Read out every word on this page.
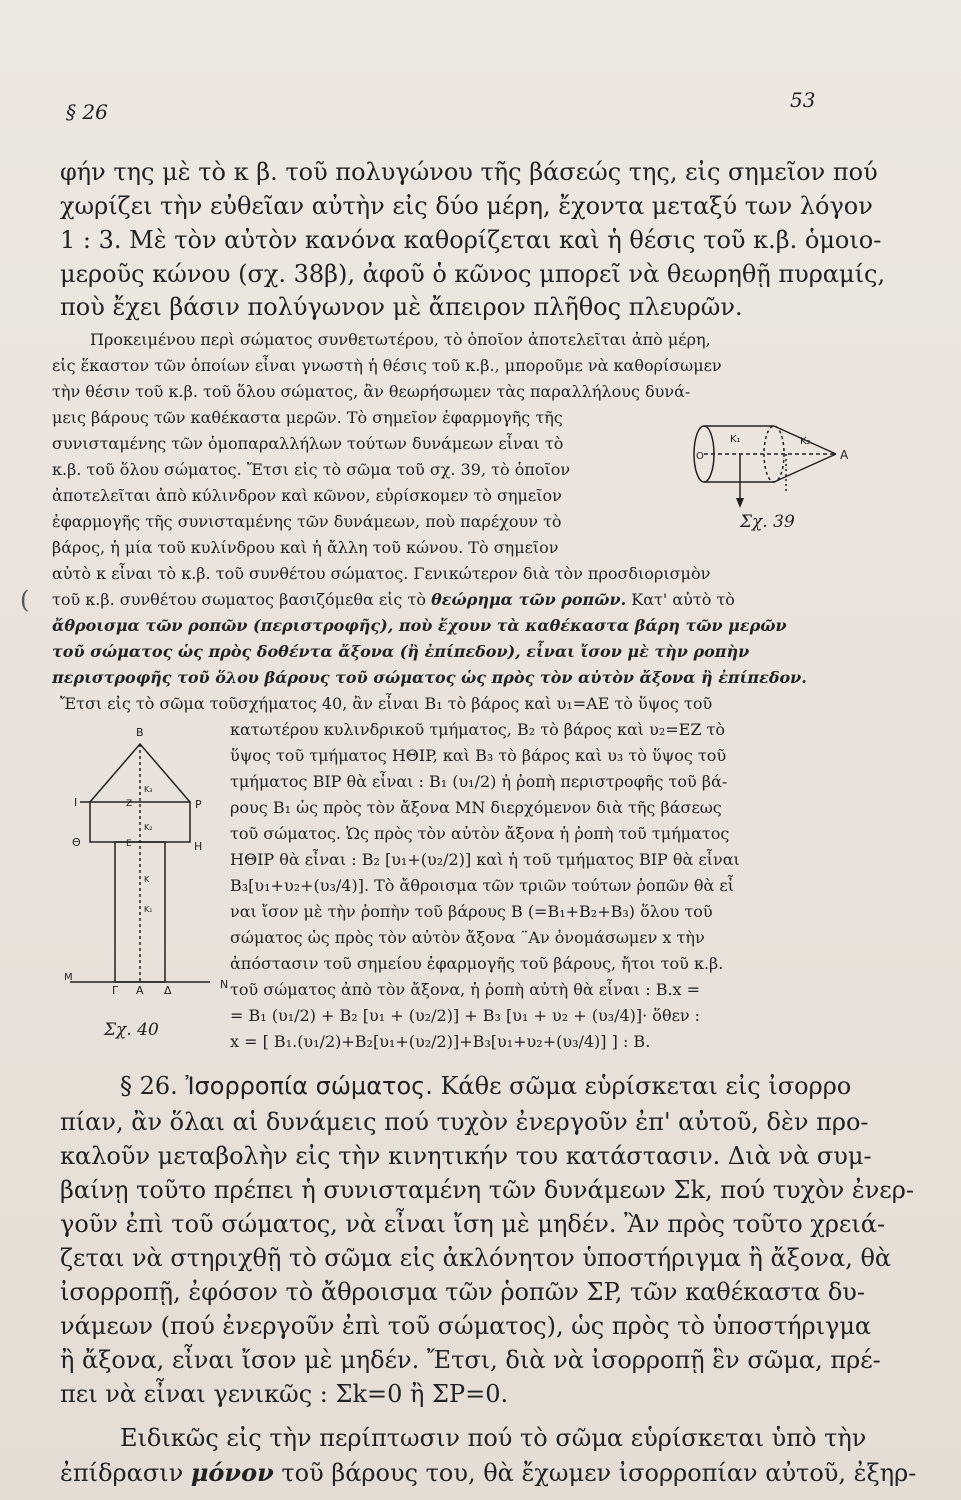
§ 26	53
φήν της μὲ τὸ κ β. τοῦ πολυγώνου τῆς βάσεώς της, εἰς σημεῖον πού
χωρίζει τὴν εὐθεῖαν αὐτὴν εἰς δύο μέρη, ἔχοντα μεταξύ των λόγον
1 : 3. Μὲ τὸν αὐτὸν κανόνα καθορίζεται καὶ ἡ θέσις τοῦ κ.β. ὁμοιο-
μεροῦς κώνου (σχ. 38β), ἀφοῦ ὁ κῶνος μπορεῖ νὰ θεωρηθῇ πυραμίς,
ποὺ ἔχει βάσιν πολύγωνον μὲ ἄπειρον πλῆθος πλευρῶν.
Προκειμένου περὶ σώματος συνθετωτέρου, τὸ ὁποῖον ἀποτελεῖται ἀπὸ μέρη,
εἰς ἕκαστον τῶν ὁποίων εἶναι γνωστὴ ἡ θέσις τοῦ κ.β., μποροῦμε νὰ καθορίσωμεν
τὴν θέσιν τοῦ κ.β. τοῦ ὅλου σώματος, ἂν θεωρήσωμεν τὰς παραλλήλους δυνά-
μεις βάρους τῶν καθέκαστα μερῶν. Τὸ σημεῖον ἐφαρμογῆς τῆς
συνισταμένης τῶν ὁμοπαραλλήλων τούτων δυνάμεων εἶναι τὸ
κ.β. τοῦ ὅλου σώματος. Ἔτσι εἰς τὸ σῶμα τοῦ σχ. 39, τὸ ὁποῖον
ἀποτελεῖται ἀπὸ κύλινδρον καὶ κῶνον, εὑρίσκομεν τὸ σημεῖον
ἐφαρμογῆς τῆς συνισταμένης τῶν δυνάμεων, ποὺ παρέχουν τὸ
βάρος, ἡ μία τοῦ κυλίνδρου καὶ ἡ ἄλλη τοῦ κώνου. Τὸ σημεῖον
αὐτὸ κ εἶναι τὸ κ.β. τοῦ συνθέτου σώματος. Γενικώτερον διὰ τὸν προσδιορισμὸν
τοῦ κ.β. συνθέτου σωματος βασιζόμεθα εἰς τὸ θεώρημα τῶν ροπῶν. Κατ' αὐτὸ τὸ
ἄθροισμα τῶν ροπῶν (περιστροφῆς), ποὺ ἔχουν τὰ καθέκαστα βάρη τῶν μερῶν
τοῦ σώματος ὡς πρὸς δοθέντα ἄξονα (ἢ ἐπίπεδον), εἶναι ἴσον μὲ τὴν ροπὴν
περιστροφῆς τοῦ ὅλου βάρους τοῦ σώματος ὡς πρὸς τὸν αὐτὸν ἄξονα ἢ ἐπίπεδον.
(
Ἔτσι εἰς τὸ σῶμα τοῦσχήματος 40, ἂν εἶναι B₁ τὸ βάρος καὶ υ₁=AE τὸ ὕψος τοῦ
κατωτέρου κυλινδρικοῦ τμήματος, B₂ τὸ βάρος καὶ υ₂=EZ τὸ
ὕψος τοῦ τμήματος HΘIP, καὶ B₃ τὸ βάρος καὶ υ₃ τὸ ὕψος τοῦ
τμήματος BIP θὰ εἶναι : B₁ (υ₁/2) ἡ ῥοπὴ περιστροφῆς τοῦ βά-
ρους B₁ ὡς πρὸς τὸν ἄξονα MN διερχόμενον διὰ τῆς βάσεως
τοῦ σώματος. Ὡς πρὸς τὸν αὐτὸν ἄξονα ἡ ῥοπὴ τοῦ τμήματος
HΘIP θὰ εἶναι : B₂ [υ₁+(υ₂/2)] καὶ ἡ τοῦ τμήματος BIP θὰ εἶναι
B₃[υ₁+υ₂+(υ₃/4)]. Τὸ ἄθροισμα τῶν τριῶν τούτων ῥοπῶν θὰ εἶ
ναι ἴσον μὲ τὴν ῥοπὴν τοῦ βάρους B (=B₁+B₂+B₃) ὅλου τοῦ
σώματος ὡς πρὸς τὸν αὐτὸν ἄξονα ¨Αν ὀνομάσωμεν x τὴν
ἀπόστασιν τοῦ σημείου ἐφαρμογῆς τοῦ βάρους, ἤτοι τοῦ κ.β.
τοῦ σώματος ἀπὸ τὸν ἄξονα, ἡ ῥοπὴ αὐτὴ θὰ εἶναι : B.x =
= B₁ (υ₁/2) + B₂ [υ₁ + (υ₂/2)] + B₃ [υ₁ + υ₂ + (υ₃/4)]· ὅθεν :
x = [ B₁.(υ₁/2)+B₂[υ₁+(υ₂/2)]+B₃[υ₁+υ₂+(υ₃/4)] ] : B.
§ 26. Ἰσορροπία σώματος. Κάθε σῶμα εὑρίσκεται εἰς ἰσορρο
πίαν, ἂν ὅλαι αἱ δυνάμεις πού τυχὸν ἐνεργοῦν ἐπ' αὐτοῦ, δὲν προ-
καλοῦν μεταβολὴν εἰς τὴν κινητικήν του κατάστασιν. Διὰ νὰ συμ-
βαίνῃ τοῦτο πρέπει ἡ συνισταμένη τῶν δυνάμεων Σk, πού τυχὸν ἐνερ-
γοῦν ἐπὶ τοῦ σώματος, νὰ εἶναι ἴση μὲ μηδέν. Ἂν πρὸς τοῦτο χρειά-
ζεται νὰ στηριχθῇ τὸ σῶμα εἰς ἀκλόνητον ὑποστήριγμα ἢ ἄξονα, θὰ
ἰσορροπῇ, ἐφόσον τὸ ἄθροισμα τῶν ῥοπῶν ΣP, τῶν καθέκαστα δυ-
νάμεων (πού ἐνεργοῦν ἐπὶ τοῦ σώματος), ὡς πρὸς τὸ ὑποστήριγμα
ἢ ἄξονα, εἶναι ἴσον μὲ μηδέν. Ἔτσι, διὰ νὰ ἰσορροπῇ ἓν σῶμα, πρέ-
πει νὰ εἶναι γενικῶς : Σk=0 ἢ ΣP=0.
Ειδικῶς εἰς τὴν περίπτωσιν πού τὸ σῶμα εὑρίσκεται ὑπὸ τὴν
ἐπίδρασιν μόνον τοῦ βάρους του, θὰ ἔχωμεν ἰσορροπίαν αὐτοῦ, ἐξηρ-
O
K₁	K₂
A
Σχ. 39
B
I	P
Θ	H
Z
E
K₃
K₂
K
K₁
M
Γ A Δ	N
Σχ. 40
